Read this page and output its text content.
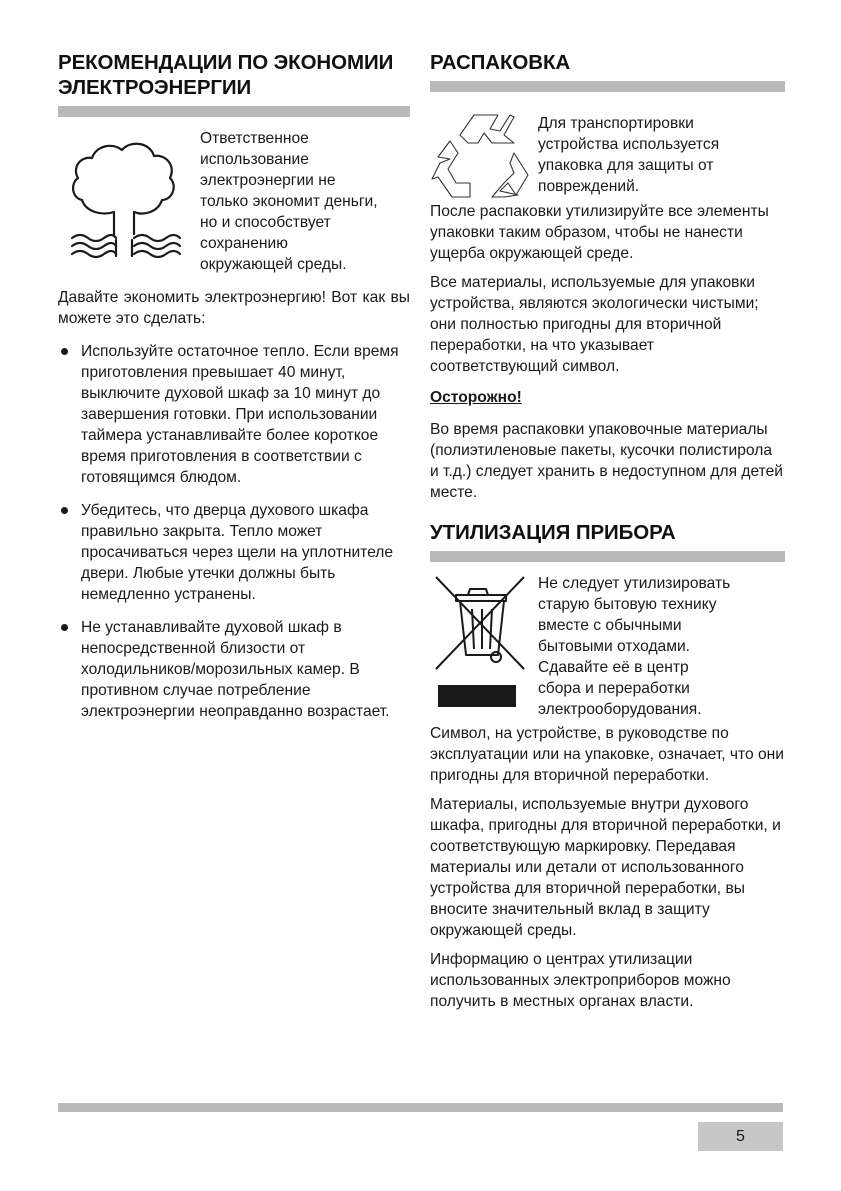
РЕКОМЕНДАЦИИ ПО ЭКОНОМИИ
ЭЛЕКТРОЭНЕРГИИ

Ответственное
использование
электроэнергии не
только экономит деньги,
но и способствует
сохранению
окружающей среды.

Давайте экономить электроэнергию! Вот как вы можете это сделать:

Используйте остаточное тепло. Если время приготовления превышает 40 минут, выключите духовой шкаф за 10 минут до завершения готовки. При использовании таймера устанавливайте более короткое время приготовления в соответствии с готовящимся блюдом.
Убедитесь, что дверца духового шкафа правильно закрыта. Тепло может просачиваться через щели на уплотнителе двери. Любые утечки должны быть немедленно устранены.
Не устанавливайте духовой шкаф в непосредственной близости от холодильников/морозильных камер. В противном случае потребление электроэнергии неоправданно возрастает.
РАСПАКОВКА

Для транспортировки
устройства используется
упаковка для защиты от
повреждений.

После распаковки утилизируйте все элементы упаковки таким образом, чтобы не нанести ущерба окружающей среде.

Все материалы, используемые для упаковки устройства, являются экологически чистыми; они полностью пригодны для вторичной переработки, на что указывает соответствующий символ.

Осторожно!

Во время распаковки упаковочные материалы (полиэтиленовые пакеты, кусочки полистирола и т.д.) следует хранить в недоступном для детей месте.

УТИЛИЗАЦИЯ ПРИБОРА

Не следует утилизировать
старую бытовую технику
вместе с обычными
бытовыми отходами.
Сдавайте её в центр
сбора и переработки
электрооборудования.

Символ, на устройстве, в руководстве по эксплуатации или на упаковке, означает, что они пригодны для вторичной переработки.

Материалы, используемые внутри духового шкафа, пригодны для вторичной переработки, и соответствующую маркировку. Передавая материалы или детали от использованного устройства для вторичной переработки, вы вносите значительный вклад в защиту окружающей среды.

Информацию о центрах утилизации использованных электроприборов можно получить в местных органах власти.

5
